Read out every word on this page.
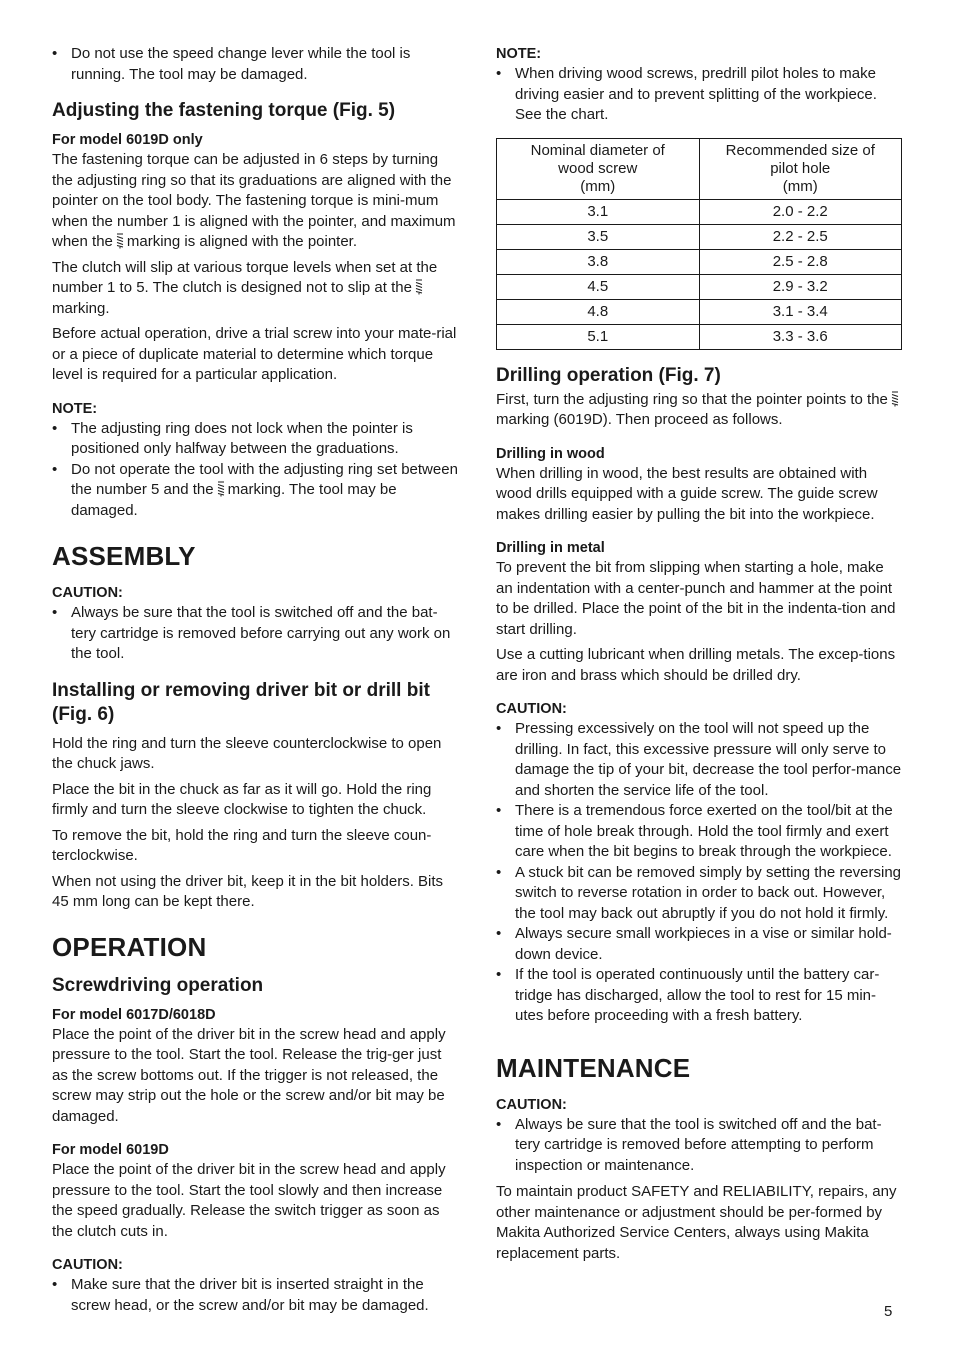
• Do not use the speed change lever while the tool is running. The tool may be damaged.
Adjusting the fastening torque (Fig. 5)
For model 6019D only

The fastening torque can be adjusted in 6 steps by turning the adjusting ring so that its graduations are aligned with the pointer on the tool body. The fastening torque is mini-mum when the number 1 is aligned with the pointer, and maximum when the marking is aligned with the pointer.

The clutch will slip at various torque levels when set at the number 1 to 5. The clutch is designed not to slip at themarking.

Before actual operation, drive a trial screw into your mate-rial or a piece of duplicate material to determine which torque level is required for a particular application.

NOTE:
• The adjusting ring does not lock when the pointer is positioned only halfway between the graduations.
• Do not operate the tool with the adjusting ring set between the number 5 and the marking. The tool may be damaged.
ASSEMBLY
CAUTION:
• Always be sure that the tool is switched off and the bat-tery cartridge is removed before carrying out any work on the tool.
Installing or removing driver bit or drill bit (Fig. 6)

Hold the ring and turn the sleeve counterclockwise to open the chuck jaws.

Place the bit in the chuck as far as it will go. Hold the ring firmly and turn the sleeve clockwise to tighten the chuck.

To remove the bit, hold the ring and turn the sleeve coun-terclockwise.

When not using the driver bit, keep it in the bit holders. Bits 45 mm long can be kept there.

OPERATION
Screwdriving operation
For model 6017D/6018D

Place the point of the driver bit in the screw head and apply pressure to the tool. Start the tool. Release the trig-ger just as the screw bottoms out. If the trigger is not released, the screw may strip out the hole or the screw and/or bit may be damaged.

For model 6019D

Place the point of the driver bit in the screw head and apply pressure to the tool. Start the tool slowly and then increase the speed gradually. Release the switch trigger as soon as the clutch cuts in.

CAUTION:
• Make sure that the driver bit is inserted straight in the screw head, or the screw and/or bit may be damaged.
NOTE:
• When driving wood screws, predrill pilot holes to make driving easier and to prevent splitting of the workpiece. See the chart.
Nominal diameter of
wood screw
(mm)	Recommended size of
pilot hole
(mm)
3.1	2.0 - 2.2
3.5	2.2 - 2.5
3.8	2.5 - 2.8
4.5	2.9 - 3.2
4.8	3.1 - 3.4
5.1	3.3 - 3.6
Drilling operation (Fig. 7)

First, turn the adjusting ring so that the pointer points to themarking (6019D). Then proceed as follows.

Drilling in wood

When drilling in wood, the best results are obtained with wood drills equipped with a guide screw. The guide screw makes drilling easier by pulling the bit into the workpiece.

Drilling in metal

To prevent the bit from slipping when starting a hole, make an indentation with a center-punch and hammer at the point to be drilled. Place the point of the bit in the indenta-tion and start drilling.

Use a cutting lubricant when drilling metals. The excep-tions are iron and brass which should be drilled dry.

CAUTION:
• Pressing excessively on the tool will not speed up the drilling. In fact, this excessive pressure will only serve to damage the tip of your bit, decrease the tool perfor-mance and shorten the service life of the tool.
• There is a tremendous force exerted on the tool/bit at the time of hole break through. Hold the tool firmly and exert care when the bit begins to break through the workpiece.
• A stuck bit can be removed simply by setting the reversing switch to reverse rotation in order to back out. However, the tool may back out abruptly if you do not hold it firmly.
• Always secure small workpieces in a vise or similar hold-down device.
• If the tool is operated continuously until the battery car-tridge has discharged, allow the tool to rest for 15 min-utes before proceeding with a fresh battery.
MAINTENANCE
CAUTION:
• Always be sure that the tool is switched off and the bat-tery cartridge is removed before attempting to perform inspection or maintenance.

To maintain product SAFETY and RELIABILITY, repairs, any other maintenance or adjustment should be per-formed by Makita Authorized Service Centers, always using Makita replacement parts.

5
